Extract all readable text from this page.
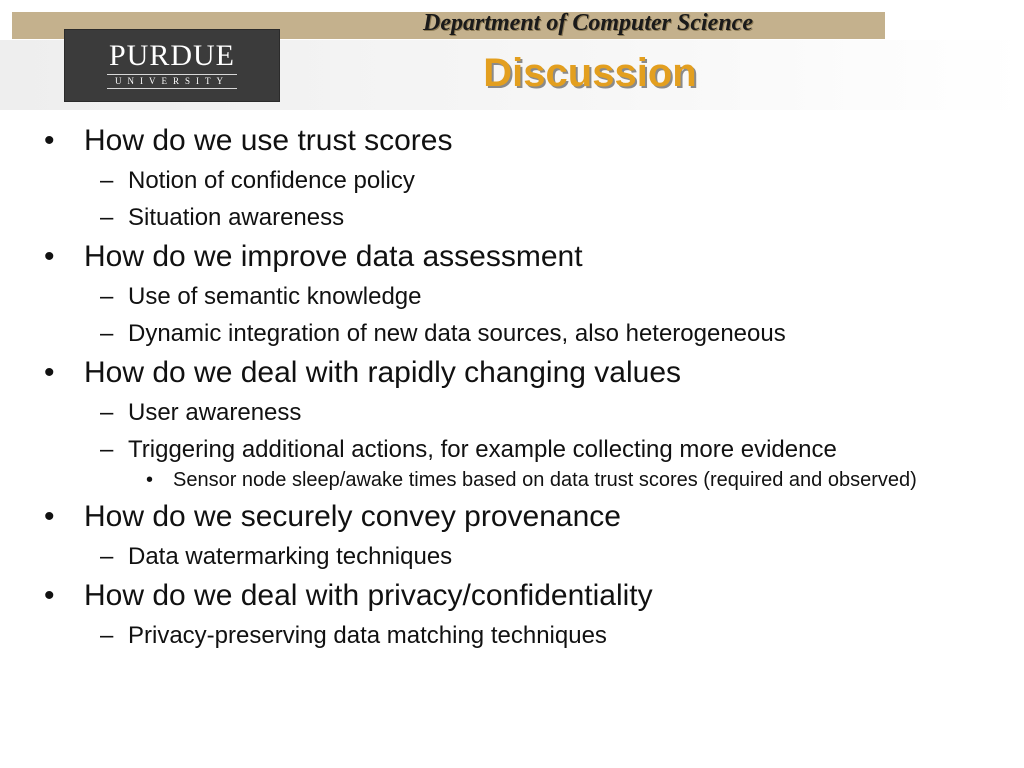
Department of Computer Science
PURDUE
UNIVERSITY	Discussion
• How do we use trust scores
– Notion of confidence policy
– Situation awareness
• How do we improve data assessment
– Use of semantic knowledge
– Dynamic integration of new data sources, also heterogeneous
• How do we deal with rapidly changing values
– User awareness
– Triggering additional actions, for example collecting more evidence
• Sensor node sleep/awake times based on data trust scores (required and observed)
• How do we securely convey provenance
– Data watermarking techniques
• How do we deal with privacy/confidentiality
– Privacy-preserving data matching techniques
